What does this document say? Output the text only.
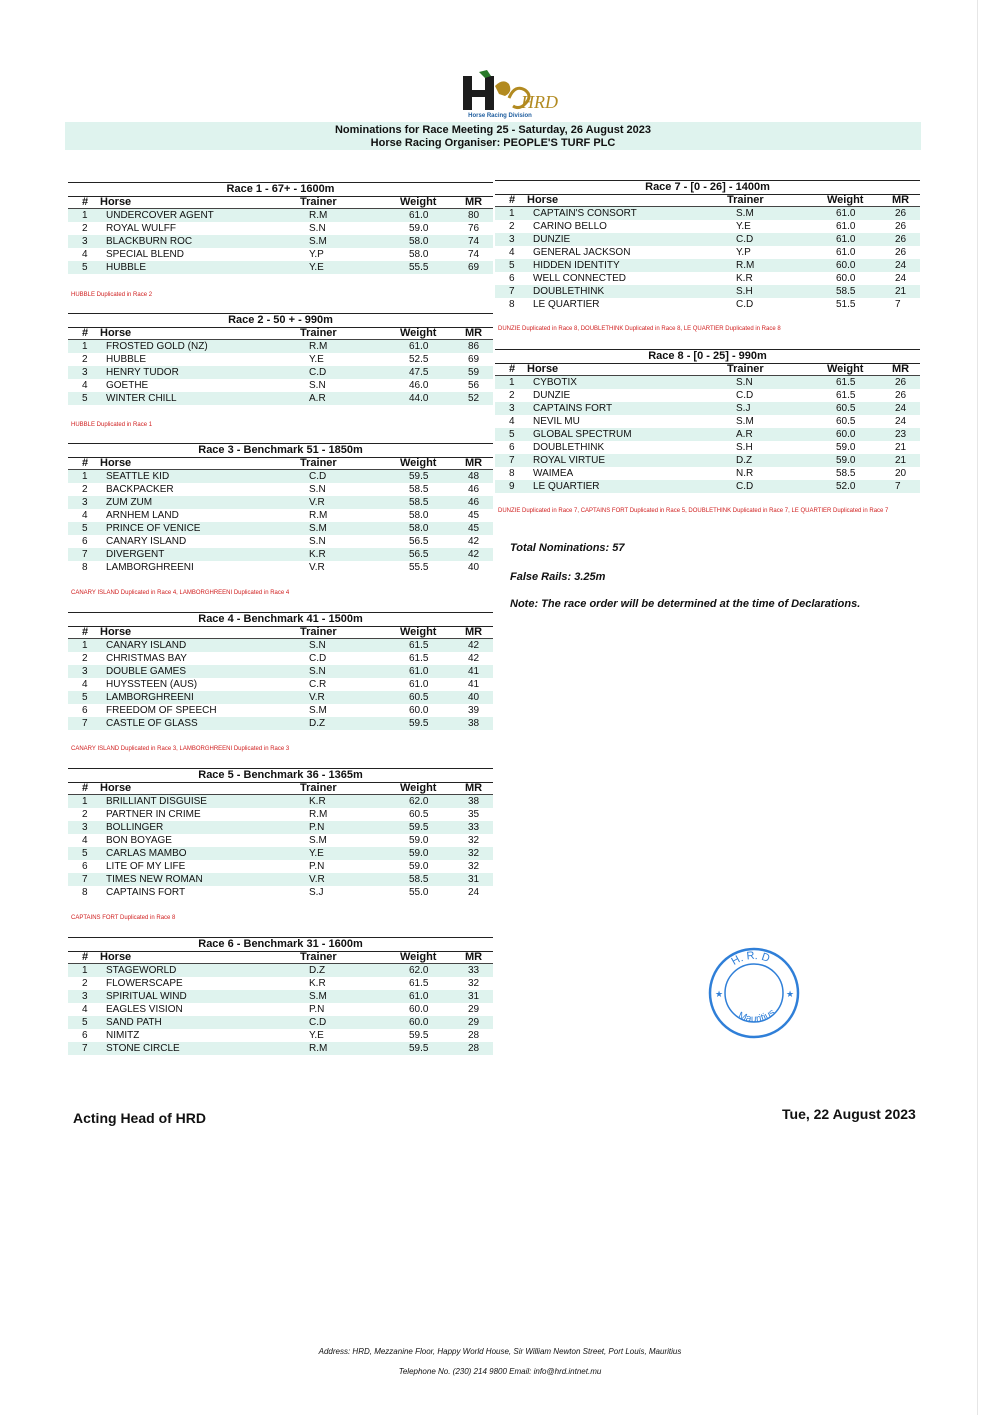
HRD
Horse Racing Division
Nominations for Race Meeting 25 - Saturday, 26 August 2023
Horse Racing Organiser: PEOPLE'S TURF PLC
Race 1 - 67+ - 1600m
# Horse	Trainer	Weight	MR
1 UNDERCOVER AGENT	R.M	61.0	80
2 ROYAL WULFF	S.N	59.0	76
3 BLACKBURN ROC	S.M	58.0	74
4 SPECIAL BLEND	Y.P	58.0	74
5 HUBBLE	Y.E	55.5	69
HUBBLE Duplicated in Race 2
Race 2 - 50 + - 990m
# Horse	Trainer	Weight	MR
1 FROSTED GOLD (NZ)	R.M	61.0	86
2 HUBBLE	Y.E	52.5	69
3 HENRY TUDOR	C.D	47.5	59
4 GOETHE	S.N	46.0	56
5 WINTER CHILL	A.R	44.0	52
HUBBLE Duplicated in Race 1
Race 3 - Benchmark 51 - 1850m
# Horse	Trainer	Weight	MR
1 SEATTLE KID	C.D	59.5	48
2 BACKPACKER	S.N	58.5	46
3 ZUM ZUM	V.R	58.5	46
4 ARNHEM LAND	R.M	58.0	45
5 PRINCE OF VENICE	S.M	58.0	45
6 CANARY ISLAND	S.N	56.5	42
7 DIVERGENT	K.R	56.5	42
8 LAMBORGHREENI	V.R	55.5	40
CANARY ISLAND Duplicated in Race 4, LAMBORGHREENI Duplicated in Race 4
Race 4 - Benchmark 41 - 1500m
# Horse	Trainer	Weight	MR
1 CANARY ISLAND	S.N	61.5	42
2 CHRISTMAS BAY	C.D	61.5	42
3 DOUBLE GAMES	S.N	61.0	41
4 HUYSSTEEN (AUS)	C.R	61.0	41
5 LAMBORGHREENI	V.R	60.5	40
6 FREEDOM OF SPEECH	S.M	60.0	39
7 CASTLE OF GLASS	D.Z	59.5	38
CANARY ISLAND Duplicated in Race 3, LAMBORGHREENI Duplicated in Race 3
Race 5 - Benchmark 36 - 1365m
# Horse	Trainer	Weight	MR
1 BRILLIANT DISGUISE	K.R	62.0	38
2 PARTNER IN CRIME	R.M	60.5	35
3 BOLLINGER	P.N	59.5	33
4 BON BOYAGE	S.M	59.0	32
5 CARLAS MAMBO	Y.E	59.0	32
6 LITE OF MY LIFE	P.N	59.0	32
7 TIMES NEW ROMAN	V.R	58.5	31
8 CAPTAINS FORT	S.J	55.0	24
CAPTAINS FORT Duplicated in Race 8
Race 6 - Benchmark 31 - 1600m
# Horse	Trainer	Weight	MR
1 STAGEWORLD	D.Z	62.0	33
2 FLOWERSCAPE	K.R	61.5	32
3 SPIRITUAL WIND	S.M	61.0	31
4 EAGLES VISION	P.N	60.0	29
5 SAND PATH	C.D	60.0	29
6 NIMITZ	Y.E	59.5	28
7 STONE CIRCLE	R.M	59.5	28
Race 7 - [0 - 26] - 1400m
# Horse	Trainer	Weight	MR
1 CAPTAIN'S CONSORT	S.M	61.0	26
2 CARINO BELLO	Y.E	61.0	26
3 DUNZIE	C.D	61.0	26
4 GENERAL JACKSON	Y.P	61.0	26
5 HIDDEN IDENTITY	R.M	60.0	24
6 WELL CONNECTED	K.R	60.0	24
7 DOUBLETHINK	S.H	58.5	21
8 LE QUARTIER	C.D	51.5	7
DUNZIE Duplicated in Race 8, DOUBLETHINK Duplicated in Race 8, LE QUARTIER Duplicated in Race 8
Race 8 - [0 - 25] - 990m
# Horse	Trainer	Weight	MR
1 CYBOTIX	S.N	61.5	26
2 DUNZIE	C.D	61.5	26
3 CAPTAINS FORT	S.J	60.5	24
4 NEVIL MU	S.M	60.5	24
5 GLOBAL SPECTRUM	A.R	60.0	23
6 DOUBLETHINK	S.H	59.0	21
7 ROYAL VIRTUE	D.Z	59.0	21
8 WAIMEA	N.R	58.5	20
9 LE QUARTIER	C.D	52.0	7
DUNZIE Duplicated in Race 7, CAPTAINS FORT Duplicated in Race 5, DOUBLETHINK Duplicated in Race 7, LE QUARTIER Duplicated in Race 7
Total Nominations: 57
False Rails: 3.25m
Note: The race order will be determined at the time of Declarations.
H. R. D
Mauritius
★	★
Acting Head of HRD	Tue, 22 August 2023
Address: HRD, Mezzanine Floor, Happy World House, Sir William Newton Street, Port Louis, Mauritius
Telephone No. (230) 214 9800 Email: info@hrd.intnet.mu
